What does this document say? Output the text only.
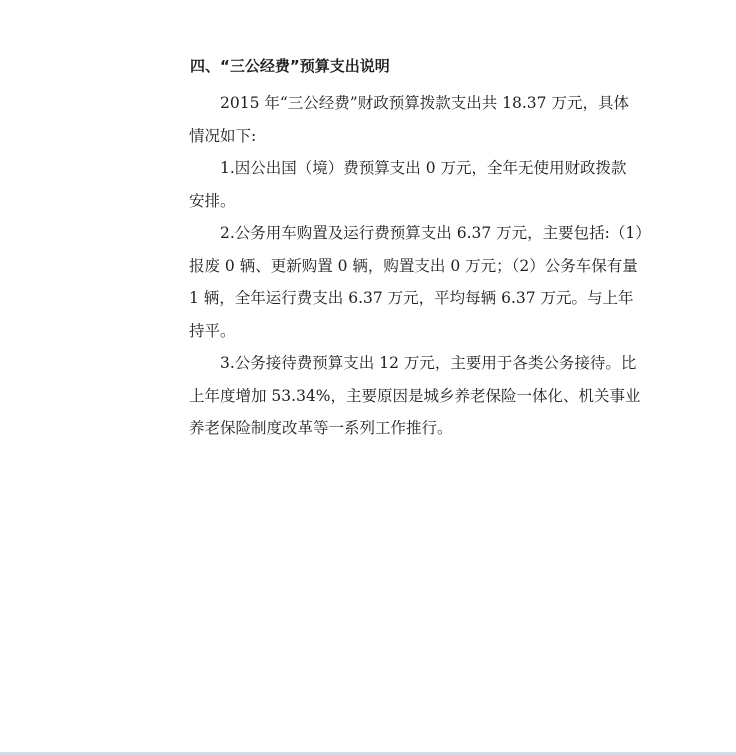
四、“三公经费”预算支出说明
2015 年“三公经费”财政预算拨款支出共 18.37 万元，具体
情况如下:
1.因公出国（境）费预算支出 0 万元，全年无使用财政拨款
安排。
2.公务用车购置及运行费预算支出 6.37 万元，主要包括:（1）
报废 0 辆、更新购置 0 辆，购置支出 0 万元；（2）公务车保有量
1 辆，全年运行费支出 6.37 万元，平均每辆 6.37 万元。与上年
持平。
3.公务接待费预算支出 12 万元，主要用于各类公务接待。比
上年度增加 53.34%，主要原因是城乡养老保险一体化、机关事业
养老保险制度改革等一系列工作推行。
